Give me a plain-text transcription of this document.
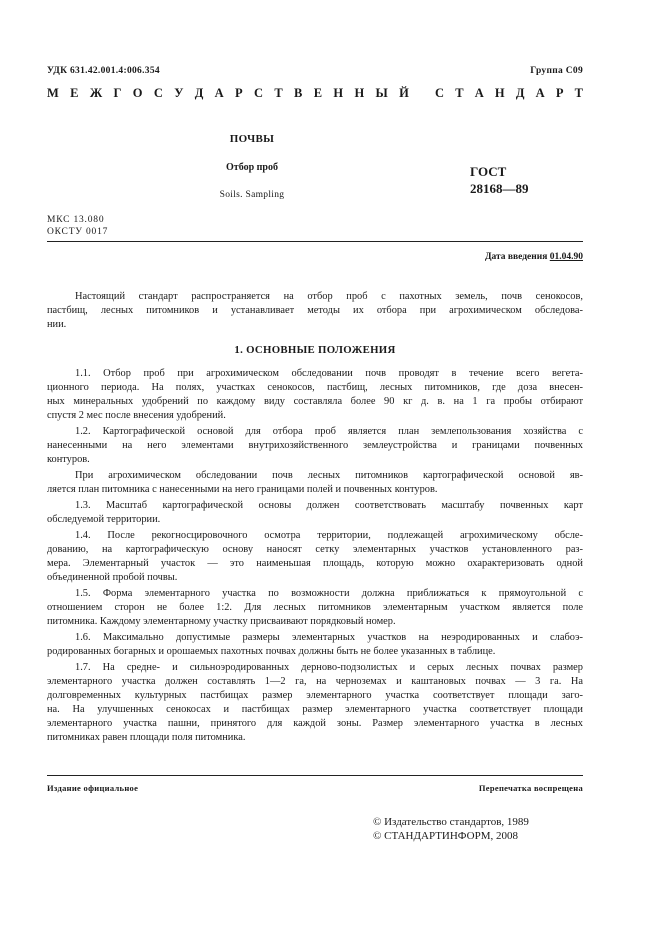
УДК 631.42.001.4:006.354	Группа С09
М Е Ж Г О С У Д А Р С Т В Е Н Н Ы Й С Т А Н Д А Р Т
ПОЧВЫ
Отбор проб
Soils. Sampling
ГОСТ
28168—89
МКС 13.080
ОКСТУ 0017
Дата введения 01.04.90
Настоящий стандарт распространяется на отбор проб с пахотных земель, почв сенокосов,
пастбищ, лесных питомников и устанавливает методы их отбора при агрохимическом обследова-
нии.
1. ОСНОВНЫЕ ПОЛОЖЕНИЯ
1.1. Отбор проб при агрохимическом обследовании почв проводят в течение всего вегета-
ционного периода. На полях, участках сенокосов, пастбищ, лесных питомников, где доза внесен-
ных минеральных удобрений по каждому виду составляла более 90 кг д. в. на 1 га пробы отбирают
спустя 2 мес после внесения удобрений.
1.2. Картографической основой для отбора проб является план землепользования хозяйства с
нанесенными на него элементами внутрихозяйственного землеустройства и границами почвенных
контуров.
При агрохимическом обследовании почв лесных питомников картографической основой яв-
ляется план питомника с нанесенными на него границами полей и почвенных контуров.
1.3. Масштаб картографической основы должен соответствовать масштабу почвенных карт
обследуемой территории.
1.4. После рекогносцировочного осмотра территории, подлежащей агрохимическому обсле-
дованию, на картографическую основу наносят сетку элементарных участков установленного раз-
мера. Элементарный участок — это наименьшая площадь, которую можно охарактеризовать одной
объединенной пробой почвы.
1.5. Форма элементарного участка по возможности должна приближаться к прямоугольной с
отношением сторон не более 1:2. Для лесных питомников элементарным участком является поле
питомника. Каждому элементарному участку присваивают порядковый номер.
1.6. Максимально допустимые размеры элементарных участков на неэродированных и слабоэ-
родированных богарных и орошаемых пахотных почвах должны быть не более указанных в таблице.
1.7. На средне- и сильноэродированных дерново-подзолистых и серых лесных почвах размер
элементарного участка должен составлять 1—2 га, на черноземах и каштановых почвах — 3 га. На
долговременных культурных пастбищах размер элементарного участка соответствует площади заго-
на. На улучшенных сенокосах и пастбищах размер элементарного участка соответствует площади
элементарного участка пашни, принятого для каждой зоны. Размер элементарного участка в лесных
питомниках равен площади поля питомника.
Издание официальное	Перепечатка воспрещена
© Издательство стандартов, 1989
© СТАНДАРТИНФОРМ, 2008
